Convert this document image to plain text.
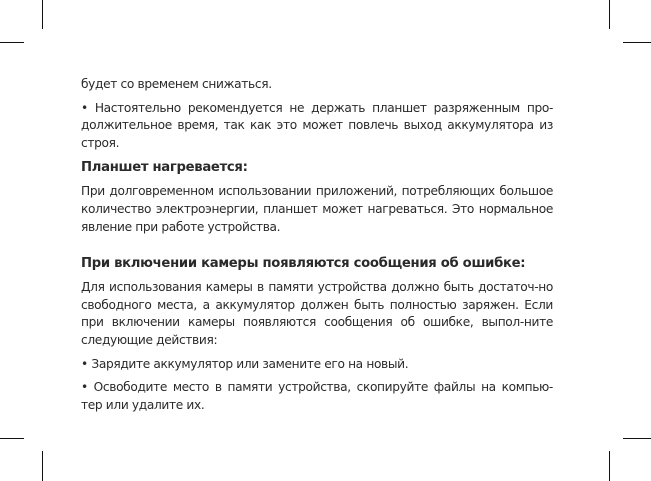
будет со временем снижаться.

• Настоятельно рекомендуется не держать планшет разряженным про-должительное время, так как это может повлечь выход аккумулятора из строя.

Планшет нагревается:

При долговременном использовании приложений, потребляющих большое количество электроэнергии, планшет может нагреваться. Это нормальное явление при работе устройства.

При включении камеры появляются сообщения об ошибке:

Для использования камеры в памяти устройства должно быть достаточ-но свободного места, а аккумулятор должен быть полностью заряжен. Если при включении камеры появляются сообщения об ошибке, выпол-ните следующие действия:

• Зарядите аккумулятор или замените его на новый.

• Освободите место в памяти устройства, скопируйте файлы на компью-тер или удалите их.
